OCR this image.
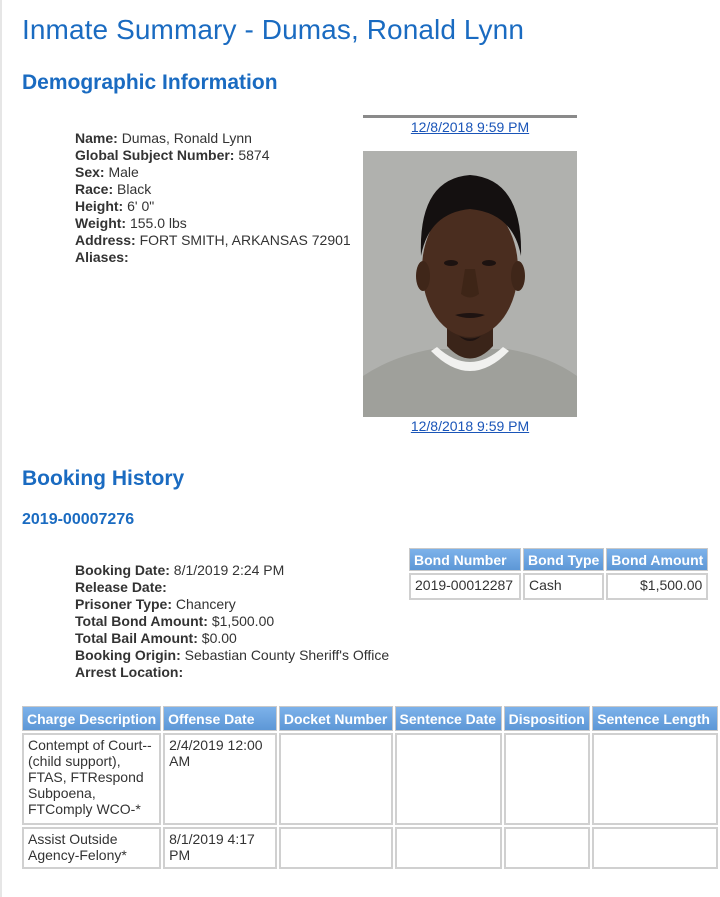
Inmate Summary - Dumas, Ronald Lynn
Demographic Information
Name: Dumas, Ronald Lynn
Global Subject Number: 5874
Sex: Male
Race: Black
Height: 6' 0"
Weight: 155.0 lbs
Address: FORT SMITH, ARKANSAS 72901
Aliases:
12/8/2018 9:59 PM
12/8/2018 9:59 PM
Booking History
2019-00007276
Booking Date: 8/1/2019 2:24 PM
Release Date:
Prisoner Type: Chancery
Total Bond Amount: $1,500.00
Total Bail Amount: $0.00
Booking Origin: Sebastian County Sheriff's Office
Arrest Location:
Bond Number	Bond Type	Bond Amount
2019-00012287	Cash	$1,500.00
Charge Description	Offense Date	Docket Number	Sentence Date	Disposition	Sentence Length
Contempt of Court--(child support), FTAS, FTRespond Subpoena, FTComply WCO-*	2/4/2019 12:00 AM				
Assist Outside Agency-Felony*	8/1/2019 4:17 PM				
